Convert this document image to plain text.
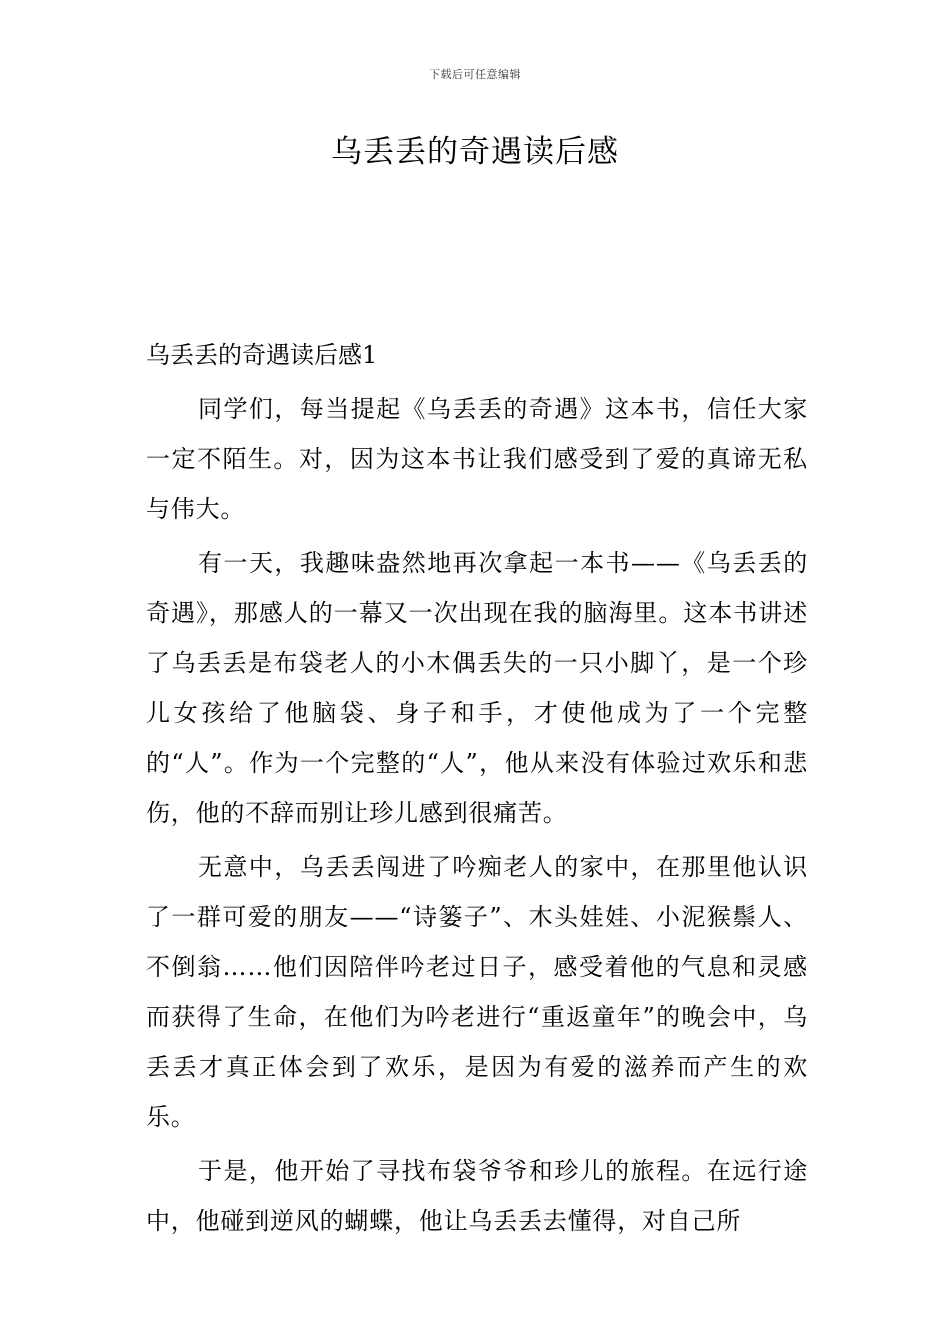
下载后可任意编辑
乌丢丢的奇遇读后感

乌丢丢的奇遇读后感1

同学们，每当提起《乌丢丢的奇遇》这本书，信任大家一定不陌生。对，因为这本书让我们感受到了爱的真谛无私与伟大。

有一天，我趣味盎然地再次拿起一本书——《乌丢丢的奇遇》，那感人的一幕又一次出现在我的脑海里。这本书讲述了乌丢丢是布袋老人的小木偶丢失的一只小脚丫，是一个珍儿女孩给了他脑袋、身子和手，才使他成为了一个完整的“人”。作为一个完整的“人”，他从来没有体验过欢乐和悲伤，他的不辞而别让珍儿感到很痛苦。

无意中，乌丢丢闯进了吟痴老人的家中，在那里他认识了一群可爱的朋友——“诗篓子”、木头娃娃、小泥猴鬃人、不倒翁……他们因陪伴吟老过日子，感受着他的气息和灵感而获得了生命，在他们为吟老进行“重返童年”的晚会中，乌丢丢才真正体会到了欢乐，是因为有爱的滋养而产生的欢乐。

于是，他开始了寻找布袋爷爷和珍儿的旅程。在远行途中，他碰到逆风的蝴蝶，他让乌丢丢去懂得，对自己所
